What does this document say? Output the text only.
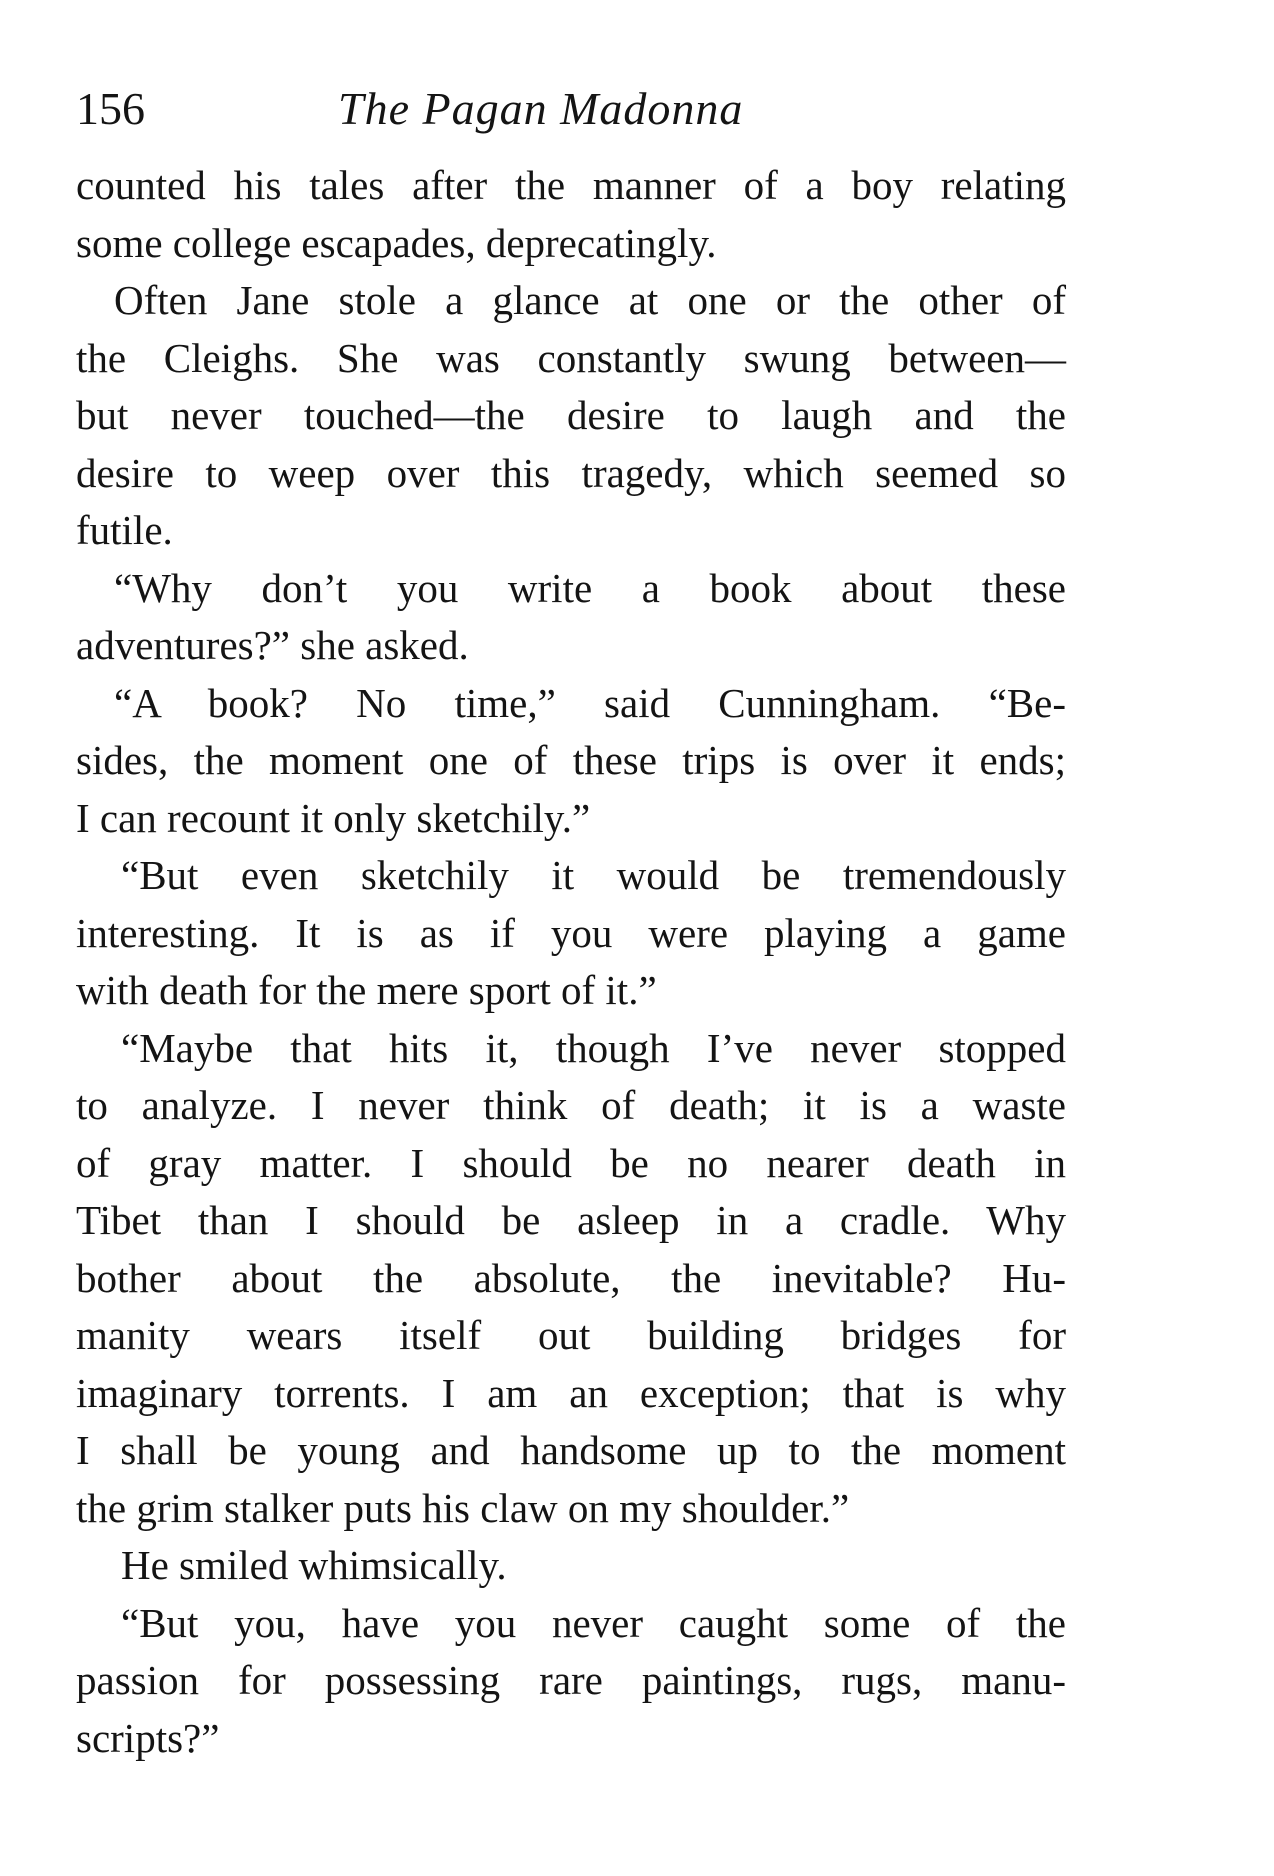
156	The Pagan Madonna
counted his tales after the manner of a boy relating
some college escapades, deprecatingly.
Often Jane stole a glance at one or the other of
the Cleighs. She was constantly swung between—
but never touched—the desire to laugh and the
desire to weep over this tragedy, which seemed so
futile.
“Why don’t you write a book about these
adventures?” she asked.
“A book? No time,” said Cunningham. “Be-
sides, the moment one of these trips is over it ends;
I can recount it only sketchily.”
“But even sketchily it would be tremendously
interesting. It is as if you were playing a game
with death for the mere sport of it.”
“Maybe that hits it, though I’ve never stopped
to analyze. I never think of death; it is a waste
of gray matter. I should be no nearer death in
Tibet than I should be asleep in a cradle. Why
bother about the absolute, the inevitable? Hu-
manity wears itself out building bridges for
imaginary torrents. I am an exception; that is why
I shall be young and handsome up to the moment
the grim stalker puts his claw on my shoulder.”
He smiled whimsically.
“But you, have you never caught some of the
passion for possessing rare paintings, rugs, manu-
scripts?”
